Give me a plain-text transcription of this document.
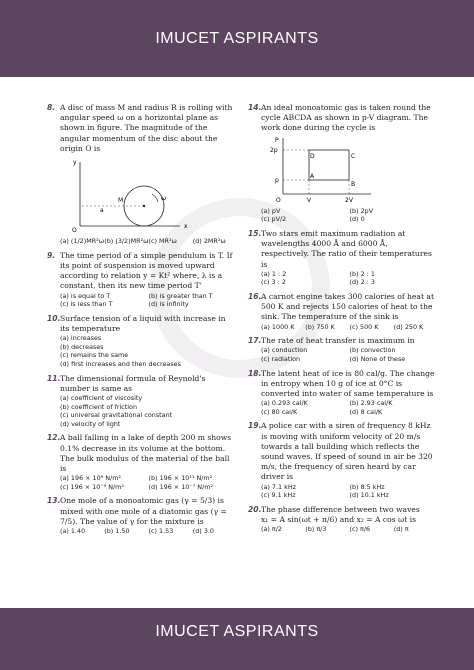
IMUCET ASPIRANTS
8. A disc of mass M and radius R is rolling with angular speed ω on a horizontal plane as shown in figure. The magnitude of the angular momentum of the disc about the origin O is
y
x
O
M	ω
a
(a) (1/2)MR²ω (b) (3/2)MR²ω (c) MR²ω	(d) 2MR²ω
9. The time period of a simple pendulum is T. If its point of suspension is moved upward according to relation y = Kt² where, λ is a constant, then its new time period T'
(a) is equal to T	(b) is greater than T
(c) is less than T	(d) is infinity
10. Surface tension of a liquid with increase in its temperature
(a) increases
(b) decreases
(c) remains the same
(d) first increases and then decreases
11. The dimensional formula of Reynold's number is same as
(a) coefficient of viscosity
(b) coefficient of friction
(c) universal gravitational constant
(d) velocity of light
12. A ball falling in a lake of depth 200 m shows 0.1% decrease in its volume at the bottom. The bulk modulus of the material of the ball is
(a) 196 × 10⁹ N/m²	(b) 196 × 10¹¹ N/m²
(c) 196 × 10⁻⁹ N/m²	(d) 196 × 10⁻⁷ N/m²
13. One mole of a monoatomic gas (γ = 5/3) is mixed with one mole of a diatomic gas (γ = 7/5). The value of γ for the mixture is
(a) 1.40	(b) 1.50	(c) 1.53	(d) 3.0
14. An ideal monoatomic gas is taken round the cycle ABCDA as shown in p-V diagram. The work done during the cycle is
P
2p
p
O	V	2V
A
D	C
B
(a) pV	(b) 2pV
(c) pV/2	(d) 0
15. Two stars emit maximum radiation at wavelengths 4000 Å and 6000 Å, respectively. The ratio of their temperatures is
(a) 1 : 2	(b) 2 : 1
(c) 3 : 2	(d) 2 : 3
16. A carnot engine takes 300 calories of heat at 500 K and rejects 150 calories of heat to the sink. The temperature of the sink is
(a) 1000 K	(b) 750 K	(c) 500 K	(d) 250 K
17. The rate of heat transfer is maximum in
(a) conduction	(b) convection
(c) radiation	(d) None of these
18. The latent heat of ice is 80 cal/g. The change in entropy when 10 g of ice at 0°C is converted into water of same temperature is
(a) 0.293 cal/K	(b) 2.93 cal/K
(c) 80 cal/K	(d) 8 cal/K
19. A police car with a siren of frequency 8 kHz is moving with uniform velocity of 20 m/s towards a tall building which reflects the sound waves. If speed of sound in air be 320 m/s, the frequency of siren heard by car driver is
(a) 7.1 kHz	(b) 8.5 kHz
(c) 9.1 kHz	(d) 10.1 kHz
20. The phase difference between two waves
x₁ = A sin(ωt + π/6) and x₂ = A cos ωt is
(a) π/2	(b) π/3	(c) π/6	(d) π
IMUCET ASPIRANTS
